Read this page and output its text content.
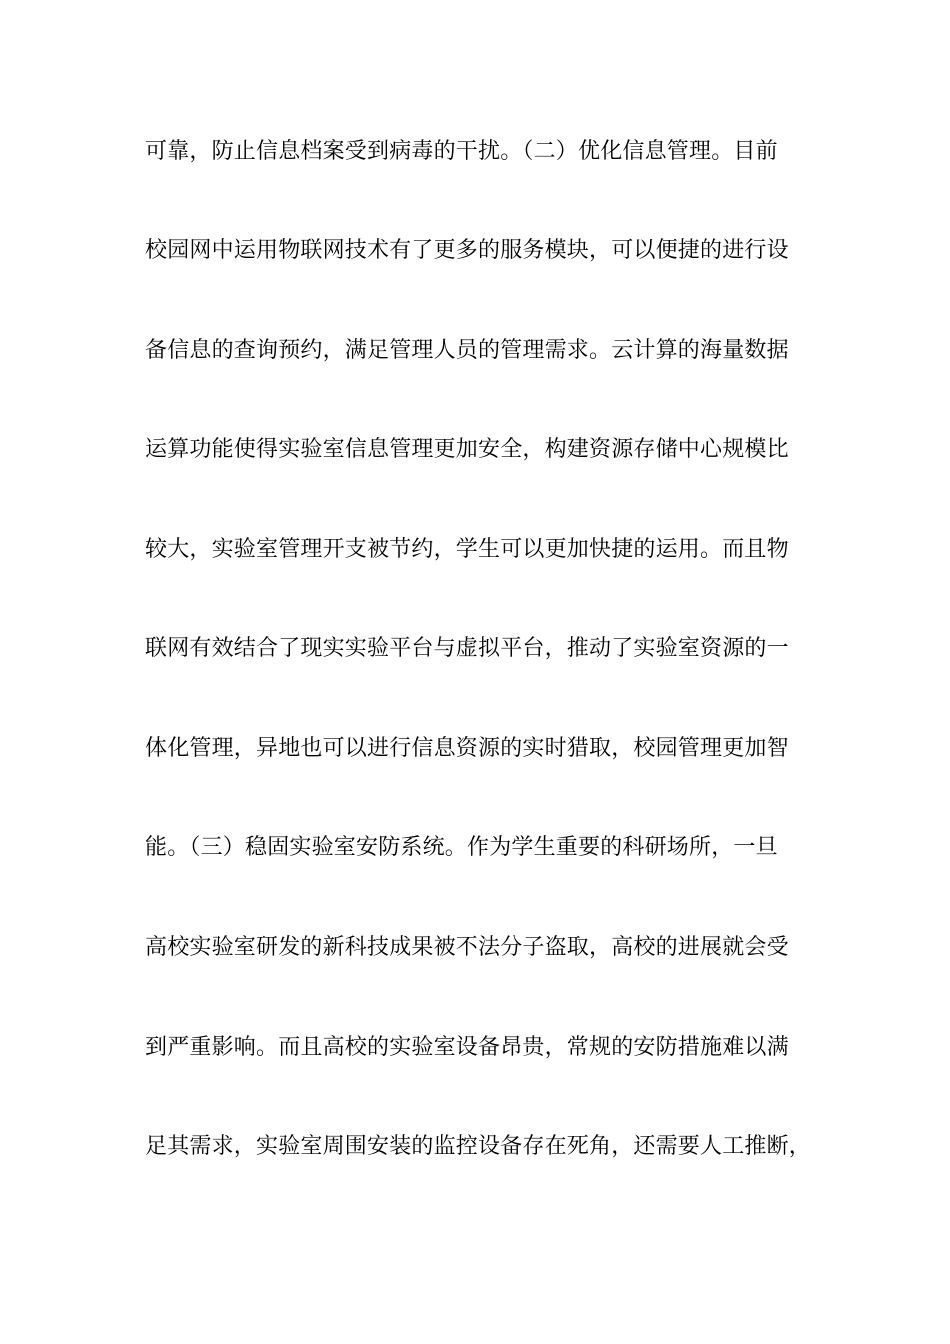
可靠，防止信息档案受到病毒的干扰。（二）优化信息管理。目前
校园网中运用物联网技术有了更多的服务模块，可以便捷的进行设
备信息的查询预约，满足管理人员的管理需求。云计算的海量数据
运算功能使得实验室信息管理更加安全，构建资源存储中心规模比
较大，实验室管理开支被节约，学生可以更加快捷的运用。而且物
联网有效结合了现实实验平台与虚拟平台，推动了实验室资源的一
体化管理，异地也可以进行信息资源的实时猎取，校园管理更加智
能。（三）稳固实验室安防系统。作为学生重要的科研场所，一旦
高校实验室研发的新科技成果被不法分子盗取，高校的进展就会受
到严重影响。而且高校的实验室设备昂贵，常规的安防措施难以满
足其需求，实验室周围安装的监控设备存在死角，还需要人工推断，
